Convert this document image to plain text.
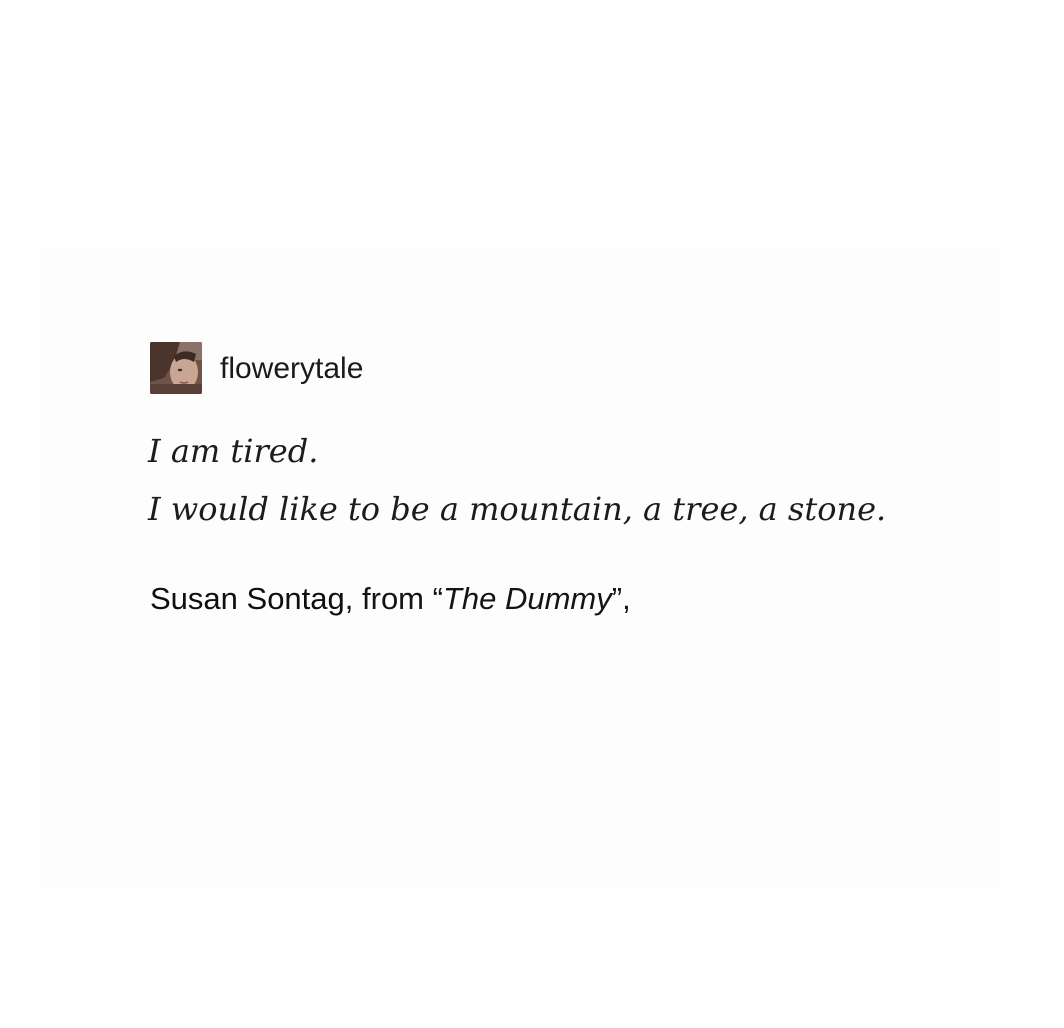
flowerytale

I am tired.

I would like to be a mountain, a tree, a stone.

Susan Sontag, from “The Dummy”,
